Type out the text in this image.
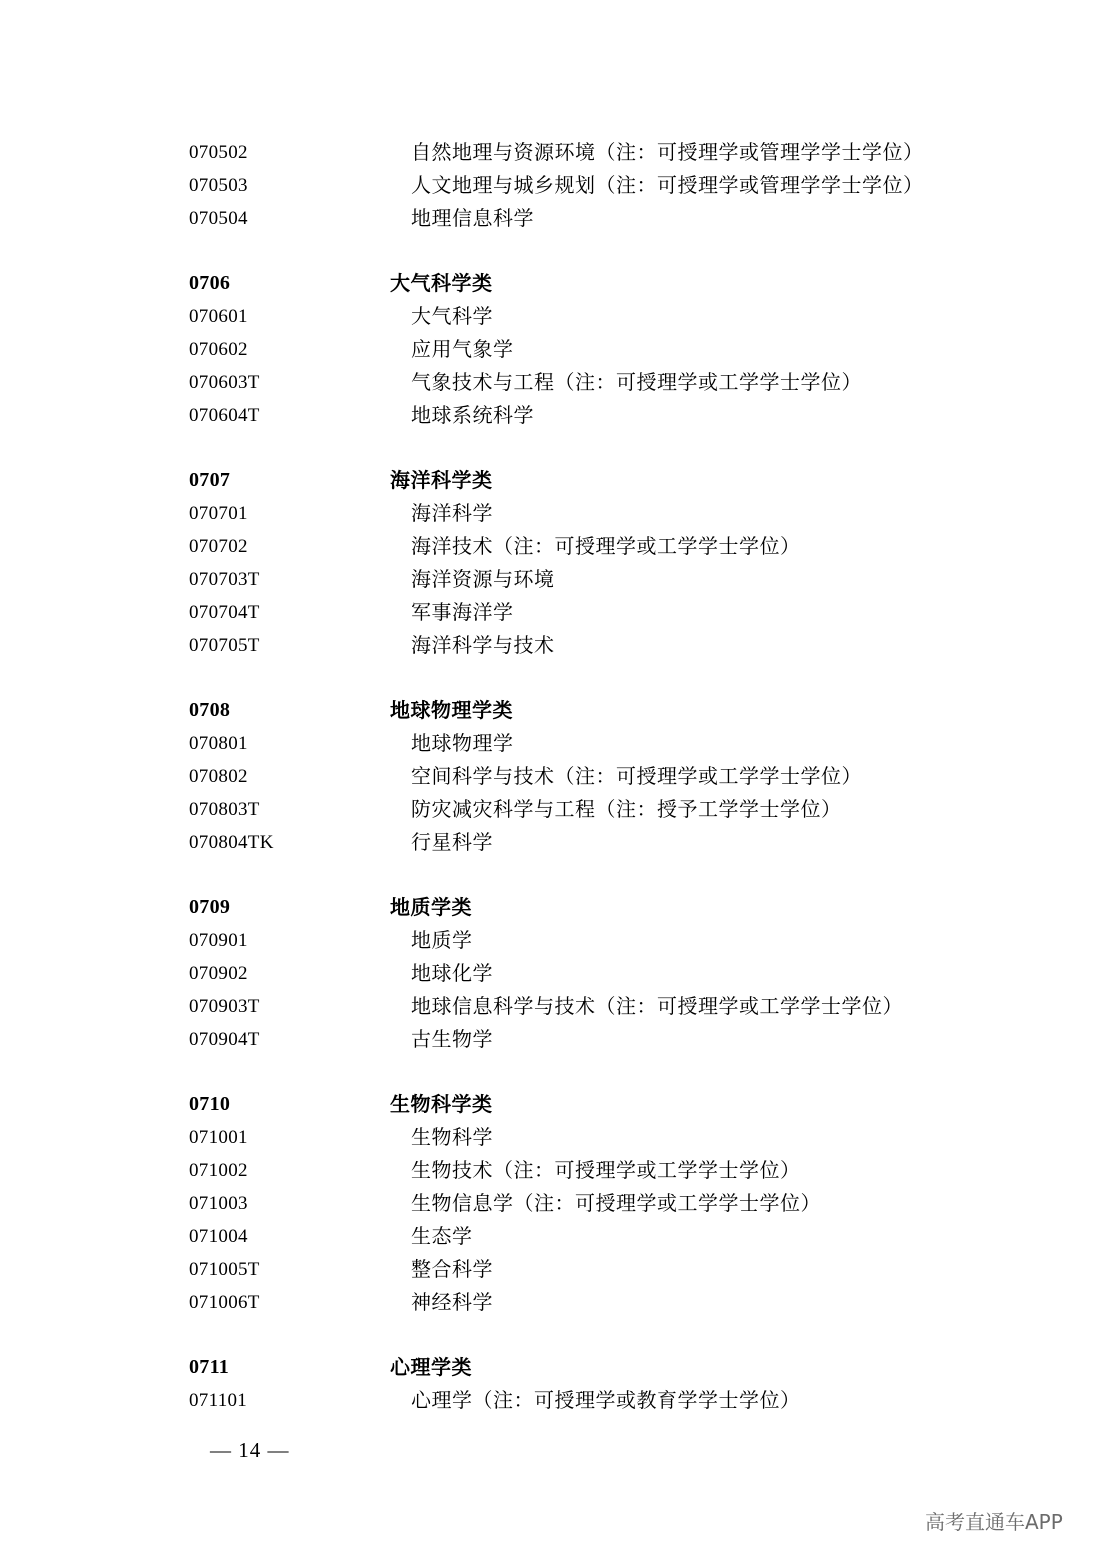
070502	自然地理与资源环境（注：可授理学或管理学学士学位）
070503	人文地理与城乡规划（注：可授理学或管理学学士学位）
070504	地理信息科学
0706	大气科学类
070601	大气科学
070602	应用气象学
070603T	气象技术与工程（注：可授理学或工学学士学位）
070604T	地球系统科学
0707	海洋科学类
070701	海洋科学
070702	海洋技术（注：可授理学或工学学士学位）
070703T	海洋资源与环境
070704T	军事海洋学
070705T	海洋科学与技术
0708	地球物理学类
070801	地球物理学
070802	空间科学与技术（注：可授理学或工学学士学位）
070803T	防灾减灾科学与工程（注：授予工学学士学位）
070804TK	行星科学
0709	地质学类
070901	地质学
070902	地球化学
070903T	地球信息科学与技术（注：可授理学或工学学士学位）
070904T	古生物学
0710	生物科学类
071001	生物科学
071002	生物技术（注：可授理学或工学学士学位）
071003	生物信息学（注：可授理学或工学学士学位）
071004	生态学
071005T	整合科学
071006T	神经科学
0711	心理学类
071101	心理学（注：可授理学或教育学学士学位）
— 14 —
高考直通车APP
